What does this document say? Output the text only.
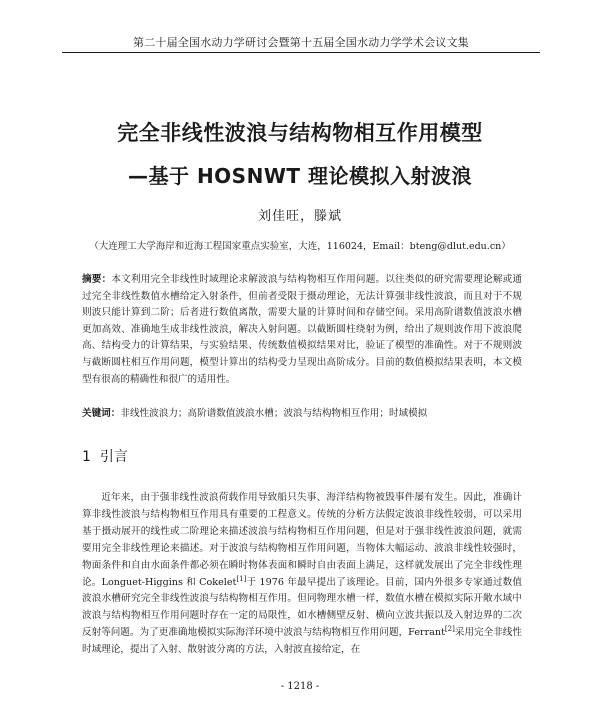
第二十届全国水动力学研讨会暨第十五届全国水动力学学术会议文集
完全非线性波浪与结构物相互作用模型
—基于 HOSNWT 理论模拟入射波浪
刘佳旺，滕斌
（大连理工大学海岸和近海工程国家重点实验室，大连，116024，Email：bteng@dlut.edu.cn）
摘要：本文利用完全非线性时域理论求解波浪与结构物相互作用问题。以往类似的研究需要理论解或通过完全非线性数值水槽给定入射条件，但前者受限于摄动理论，无法计算强非线性波浪，而且对于不规则波只能计算到二阶；后者进行数值离散，需要大量的计算时间和存储空间。采用高阶谱数值波浪水槽更加高效、准确地生成非线性波浪，解决入射问题。以截断圆柱绕射为例，给出了规则波作用下波浪爬高、结构受力的计算结果，与实验结果、传统数值模拟结果对比，验证了模型的准确性。对于不规则波与截断圆柱相互作用问题，模型计算出的结构受力呈现出高阶成分。目前的数值模拟结果表明，本文模型有很高的精确性和很广的适用性。
关键词：非线性波浪力；高阶谱数值波浪水槽；波浪与结构物相互作用；时域模拟
1 引言

近年来，由于强非线性波浪荷载作用导致船只失事、海洋结构物被毁事件屡有发生。因此，准确计算非线性波浪与结构物相互作用具有重要的工程意义。传统的分析方法假定波浪非线性较弱，可以采用基于摄动展开的线性或二阶理论来描述波浪与结构物相互作用问题，但是对于强非线性波浪问题，就需要用完全非线性理论来描述。对于波浪与结构物相互作用问题，当物体大幅运动、波浪非线性较强时，物面条件和自由水面条件都必须在瞬时物体表面和瞬时自由表面上满足，这样就发展出了完全非线性理论。Longuet-Higgins 和 Cokelet[1]于 1976 年最早提出了该理论。目前，国内外很多专家通过数值波浪水槽研究完全非线性波浪与结构物相互作用。但同物理水槽一样，数值水槽在模拟实际开敞水域中波浪与结构物相互作用问题时存在一定的局限性，如水槽侧壁反射、横向立波共振以及入射边界的二次反射等问题。为了更准确地模拟实际海洋环境中波浪与结构物相互作用问题，Ferrant[2]采用完全非线性时域理论，提出了入射、散射波分离的方法，入射波直接给定，在

- 1218 -
